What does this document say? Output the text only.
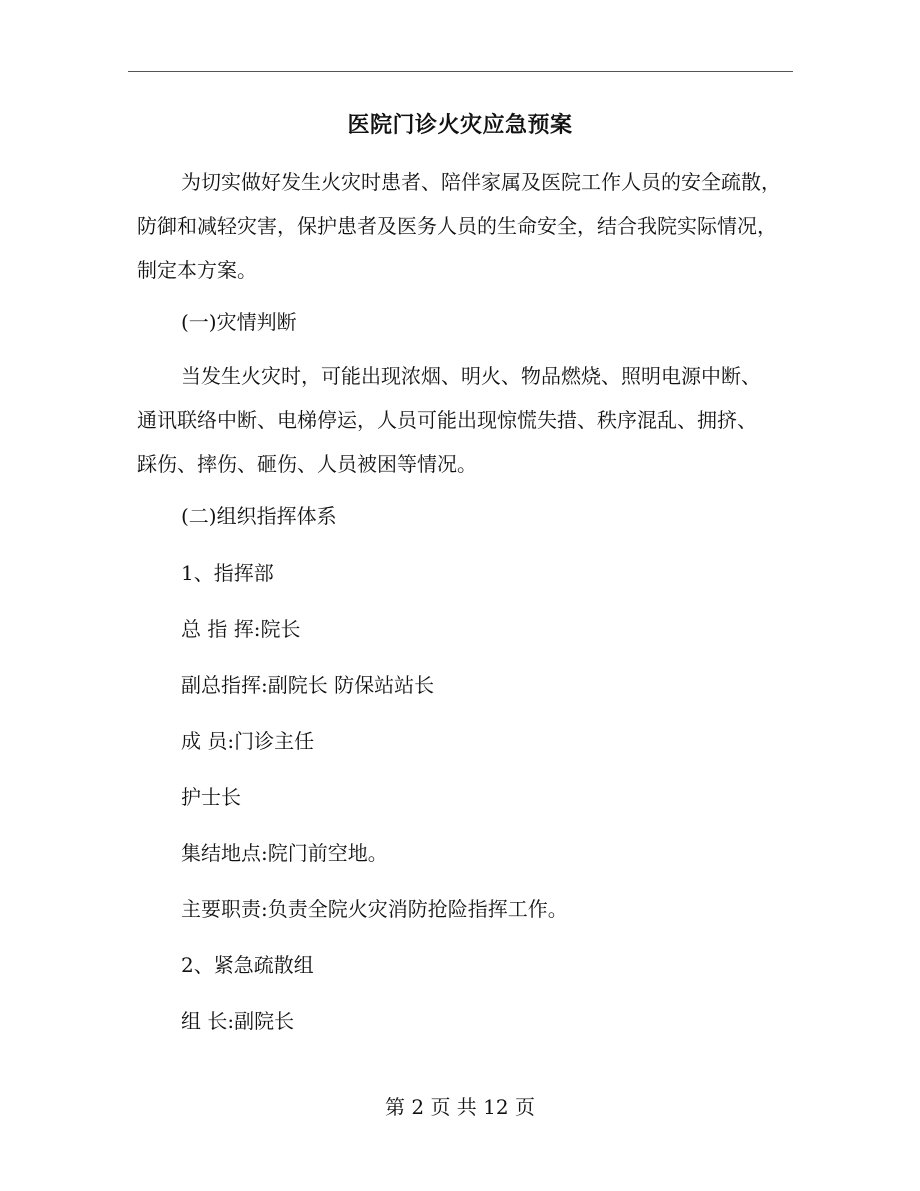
医院门诊火灾应急预案
为切实做好发生火灾时患者、陪伴家属及医院工作人员的安全疏散，
防御和减轻灾害，保护患者及医务人员的生命安全，结合我院实际情况，
制定本方案。
(一)灾情判断
当发生火灾时，可能出现浓烟、明火、物品燃烧、照明电源中断、
通讯联络中断、电梯停运，人员可能出现惊慌失措、秩序混乱、拥挤、
踩伤、摔伤、砸伤、人员被困等情况。
(二)组织指挥体系
1、指挥部
总 指 挥:院长
副总指挥:副院长 防保站站长
成 员:门诊主任
护士长
集结地点:院门前空地。
主要职责:负责全院火灾消防抢险指挥工作。
2、紧急疏散组
组 长:副院长
第 2 页 共 12 页
